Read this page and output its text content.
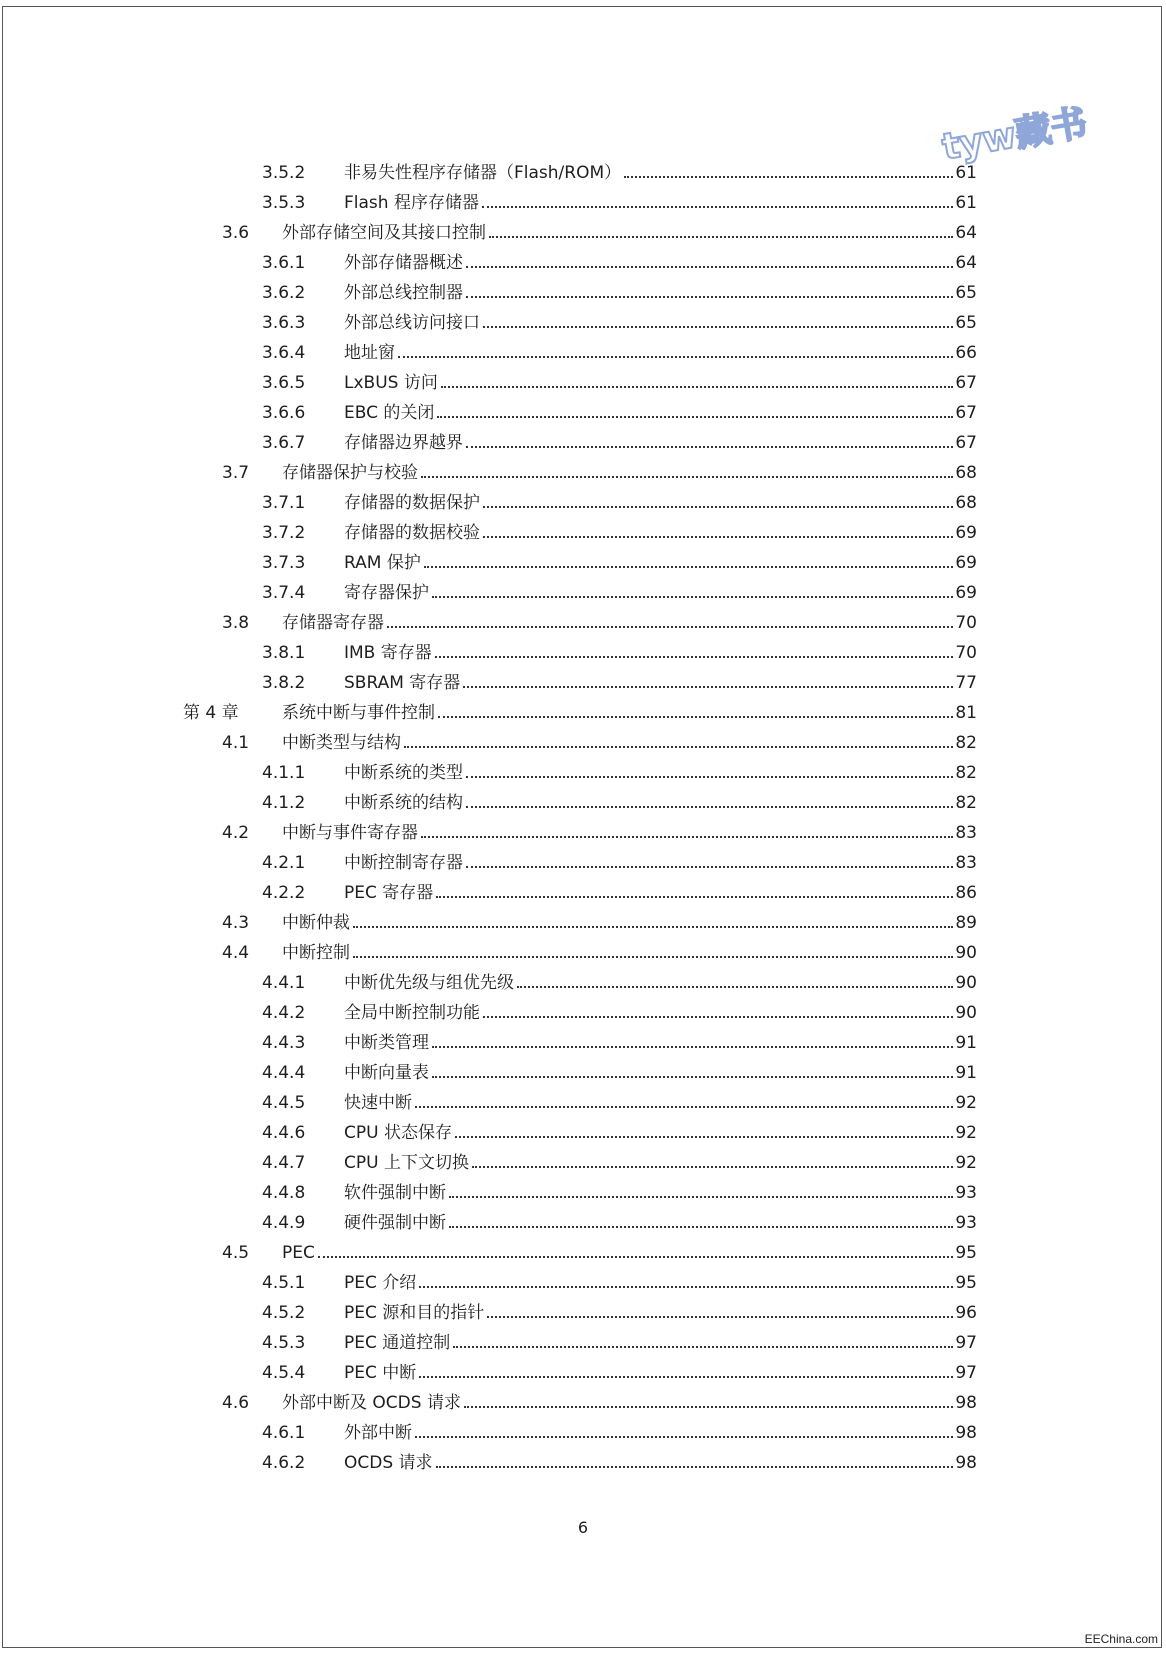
tyw藏书
3.5.2 非易失性程序存储器（Flash/ROM）	61
3.5.3 Flash 程序存储器	61
3.6 外部存储空间及其接口控制	64
3.6.1 外部存储器概述	64
3.6.2 外部总线控制器	65
3.6.3 外部总线访问接口	65
3.6.4 地址窗	66
3.6.5 LxBUS 访问	67
3.6.6 EBC 的关闭	67
3.6.7 存储器边界越界	67
3.7 存储器保护与校验	68
3.7.1 存储器的数据保护	68
3.7.2 存储器的数据校验	69
3.7.3 RAM 保护	69
3.7.4 寄存器保护	69
3.8 存储器寄存器	70
3.8.1 IMB 寄存器	70
3.8.2 SBRAM 寄存器	77
第 4 章	系统中断与事件控制	81
4.1 中断类型与结构	82
4.1.1 中断系统的类型	82
4.1.2 中断系统的结构	82
4.2 中断与事件寄存器	83
4.2.1 中断控制寄存器	83
4.2.2 PEC 寄存器	86
4.3 中断仲裁	89
4.4 中断控制	90
4.4.1 中断优先级与组优先级	90
4.4.2 全局中断控制功能	90
4.4.3 中断类管理	91
4.4.4 中断向量表	91
4.4.5 快速中断	92
4.4.6 CPU 状态保存	92
4.4.7 CPU 上下文切换	92
4.4.8 软件强制中断	93
4.4.9 硬件强制中断	93
4.5 PEC	95
4.5.1 PEC 介绍	95
4.5.2 PEC 源和目的指针	96
4.5.3 PEC 通道控制	97
4.5.4 PEC 中断	97
4.6 外部中断及 OCDS 请求	98
4.6.1 外部中断	98
4.6.2 OCDS 请求	98
6
EEChina.com
